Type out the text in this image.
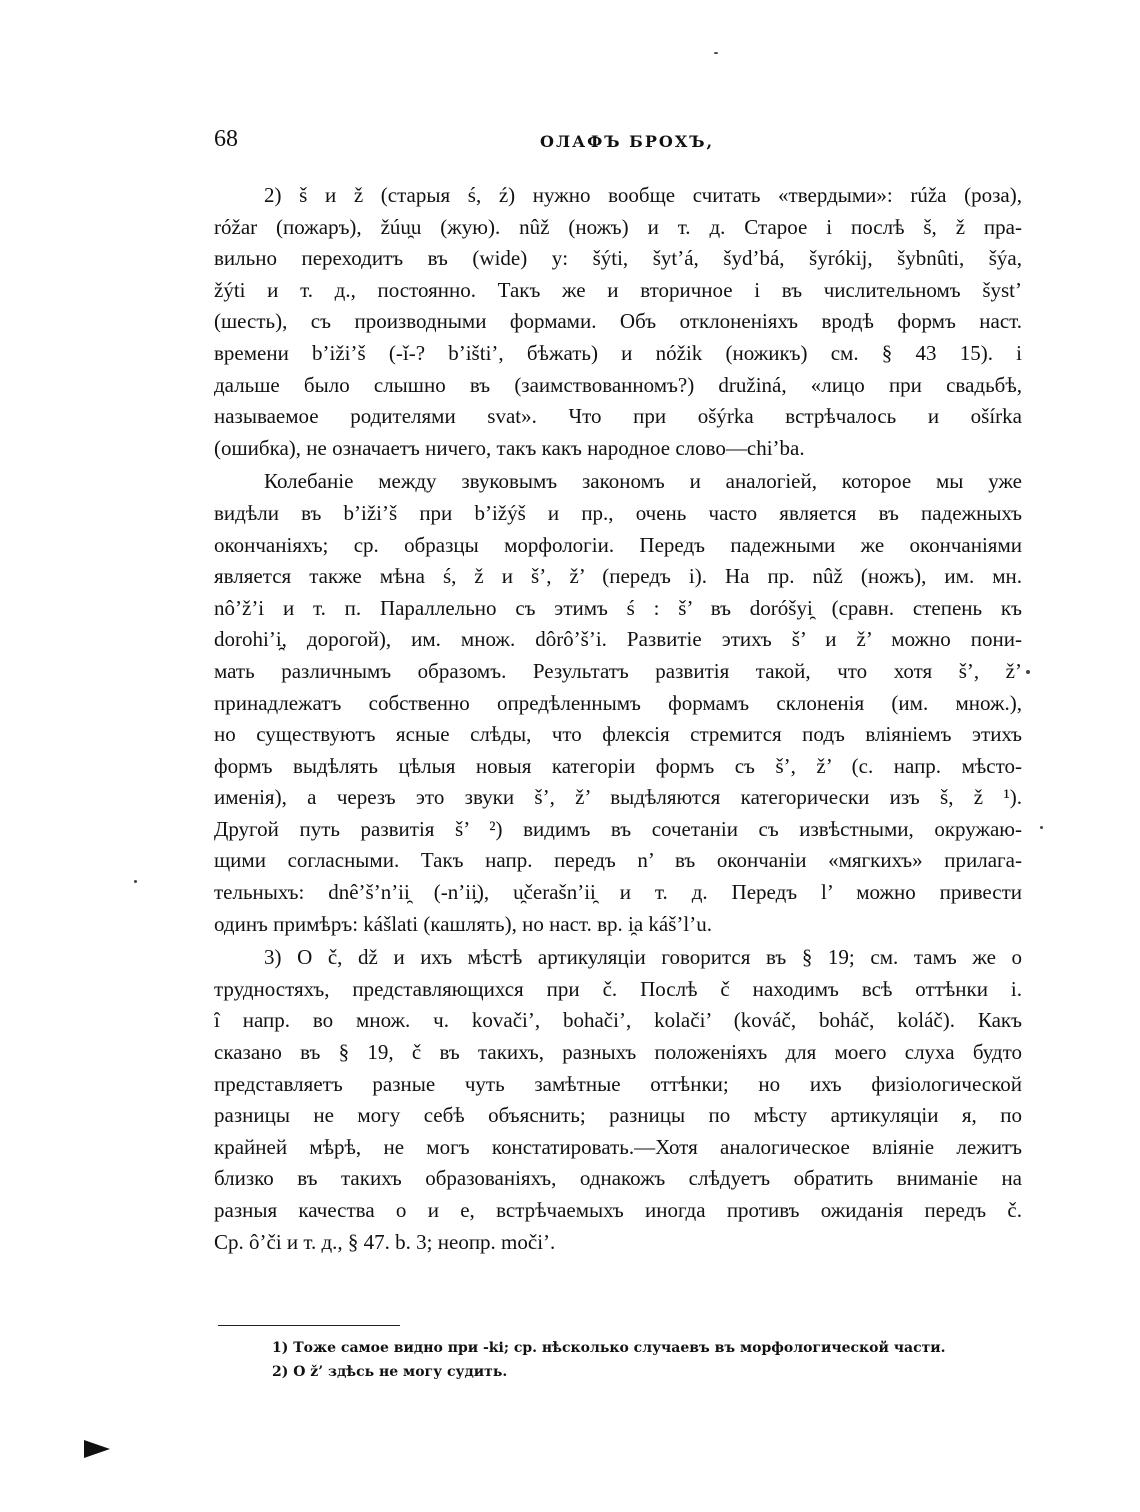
68	ОЛАФЪ БРОХЪ,

2) š и ž (старыя ś, ź) нужно вообще считать «твердыми»: rúža (роза),
róžar (пожаръ), žúu̯u (жую). nûž (ножъ) и т. д. Старое i послѣ š, ž пра-
вильно переходитъ въ (wide) y: šýti, šyt’á, šyd’bá, šyrókij, šybnûti, šýa,
žýti и т. д., постоянно. Такъ же и вторичное i въ числительномъ šyst’
(шесть), съ производными формами. Объ отклоненіяхъ вродѣ формъ наст.
времени b’iži’š (-ǐ-? b’išti’, бѣжать) и nóžik (ножикъ) см. § 43 15). i
дальше было слышно въ (заимствованномъ?) družiná, «лицо при свадьбѣ,
называемое родителями svat». Что при ošýrka встрѣчалось и ošírka
(ошибка), не означаетъ ничего, такъ какъ народное слово—chi’ba.

Колебаніе между звуковымъ закономъ и аналогіей, которое мы уже
видѣли въ b’iži’š при b’ižýš и пр., очень часто является въ падежныхъ
окончаніяхъ; ср. образцы морфологіи. Передъ падежными же окончаніями
является также мѣна ś, ž и š’, ž’ (передъ i). На пр. nûž (ножъ), им. мн.
nô’ž’i и т. п. Параллельно съ этимъ ś : š’ въ doróšyi̯ (сравн. степень къ
dorohi’i̯, дорогой), им. множ. dôrô’š’i. Развитіе этихъ š’ и ž’ можно пони-
мать различнымъ образомъ. Результатъ развитія такой, что хотя š’, ž’
принадлежатъ собственно опредѣленнымъ формамъ склоненія (им. множ.),
но существуютъ ясные слѣды, что флексія стремится подъ вліяніемъ этихъ
формъ выдѣлять цѣлыя новыя категоріи формъ съ š’, ž’ (с. напр. мѣсто-
именія), а черезъ это звуки š’, ž’ выдѣляются категорически изъ š, ž ¹).
Другой путь развитія š’ ²) видимъ въ сочетаніи съ извѣстными, окружаю-
щими согласными. Такъ напр. передъ n’ въ окончаніи «мягкихъ» прилага-
тельныхъ: dnê’š’n’ii̯ (-n’ii̯), u̯čerašn’ii̯ и т. д. Передъ l’ можно привести
одинъ примѣръ: kášlati (кашлять), но наст. вр. i̯a káš’l’u.

3) О č, dž и ихъ мѣстѣ артикуляціи говорится въ § 19; см. тамъ же о
трудностяхъ, представляющихся при č. Послѣ č находимъ всѣ оттѣнки i.
î напр. во множ. ч. kovači’, bohači’, kolači’ (kováč, boháč, koláč). Какъ
сказано въ § 19, č въ такихъ, разныхъ положеніяхъ для моего слуха будто
представляетъ разные чуть замѣтные оттѣнки; но ихъ физіологической
разницы не могу себѣ объяснить; разницы по мѣсту артикуляціи я, по
крайней мѣрѣ, не могъ констатировать.—Хотя аналогическое вліяніе лежитъ
близко въ такихъ образованіяхъ, однакожъ слѣдуетъ обратить вниманіе на
разныя качества o и e, встрѣчаемыхъ иногда противъ ожиданія передъ č.
Ср. ô’či и т. д., § 47. b. 3; неопр. moči’.

1) Тоже самое видно при -ki; ср. нѣсколько случаевъ въ морфологической части.
2) О ž’ здѣсь не могу судить.
